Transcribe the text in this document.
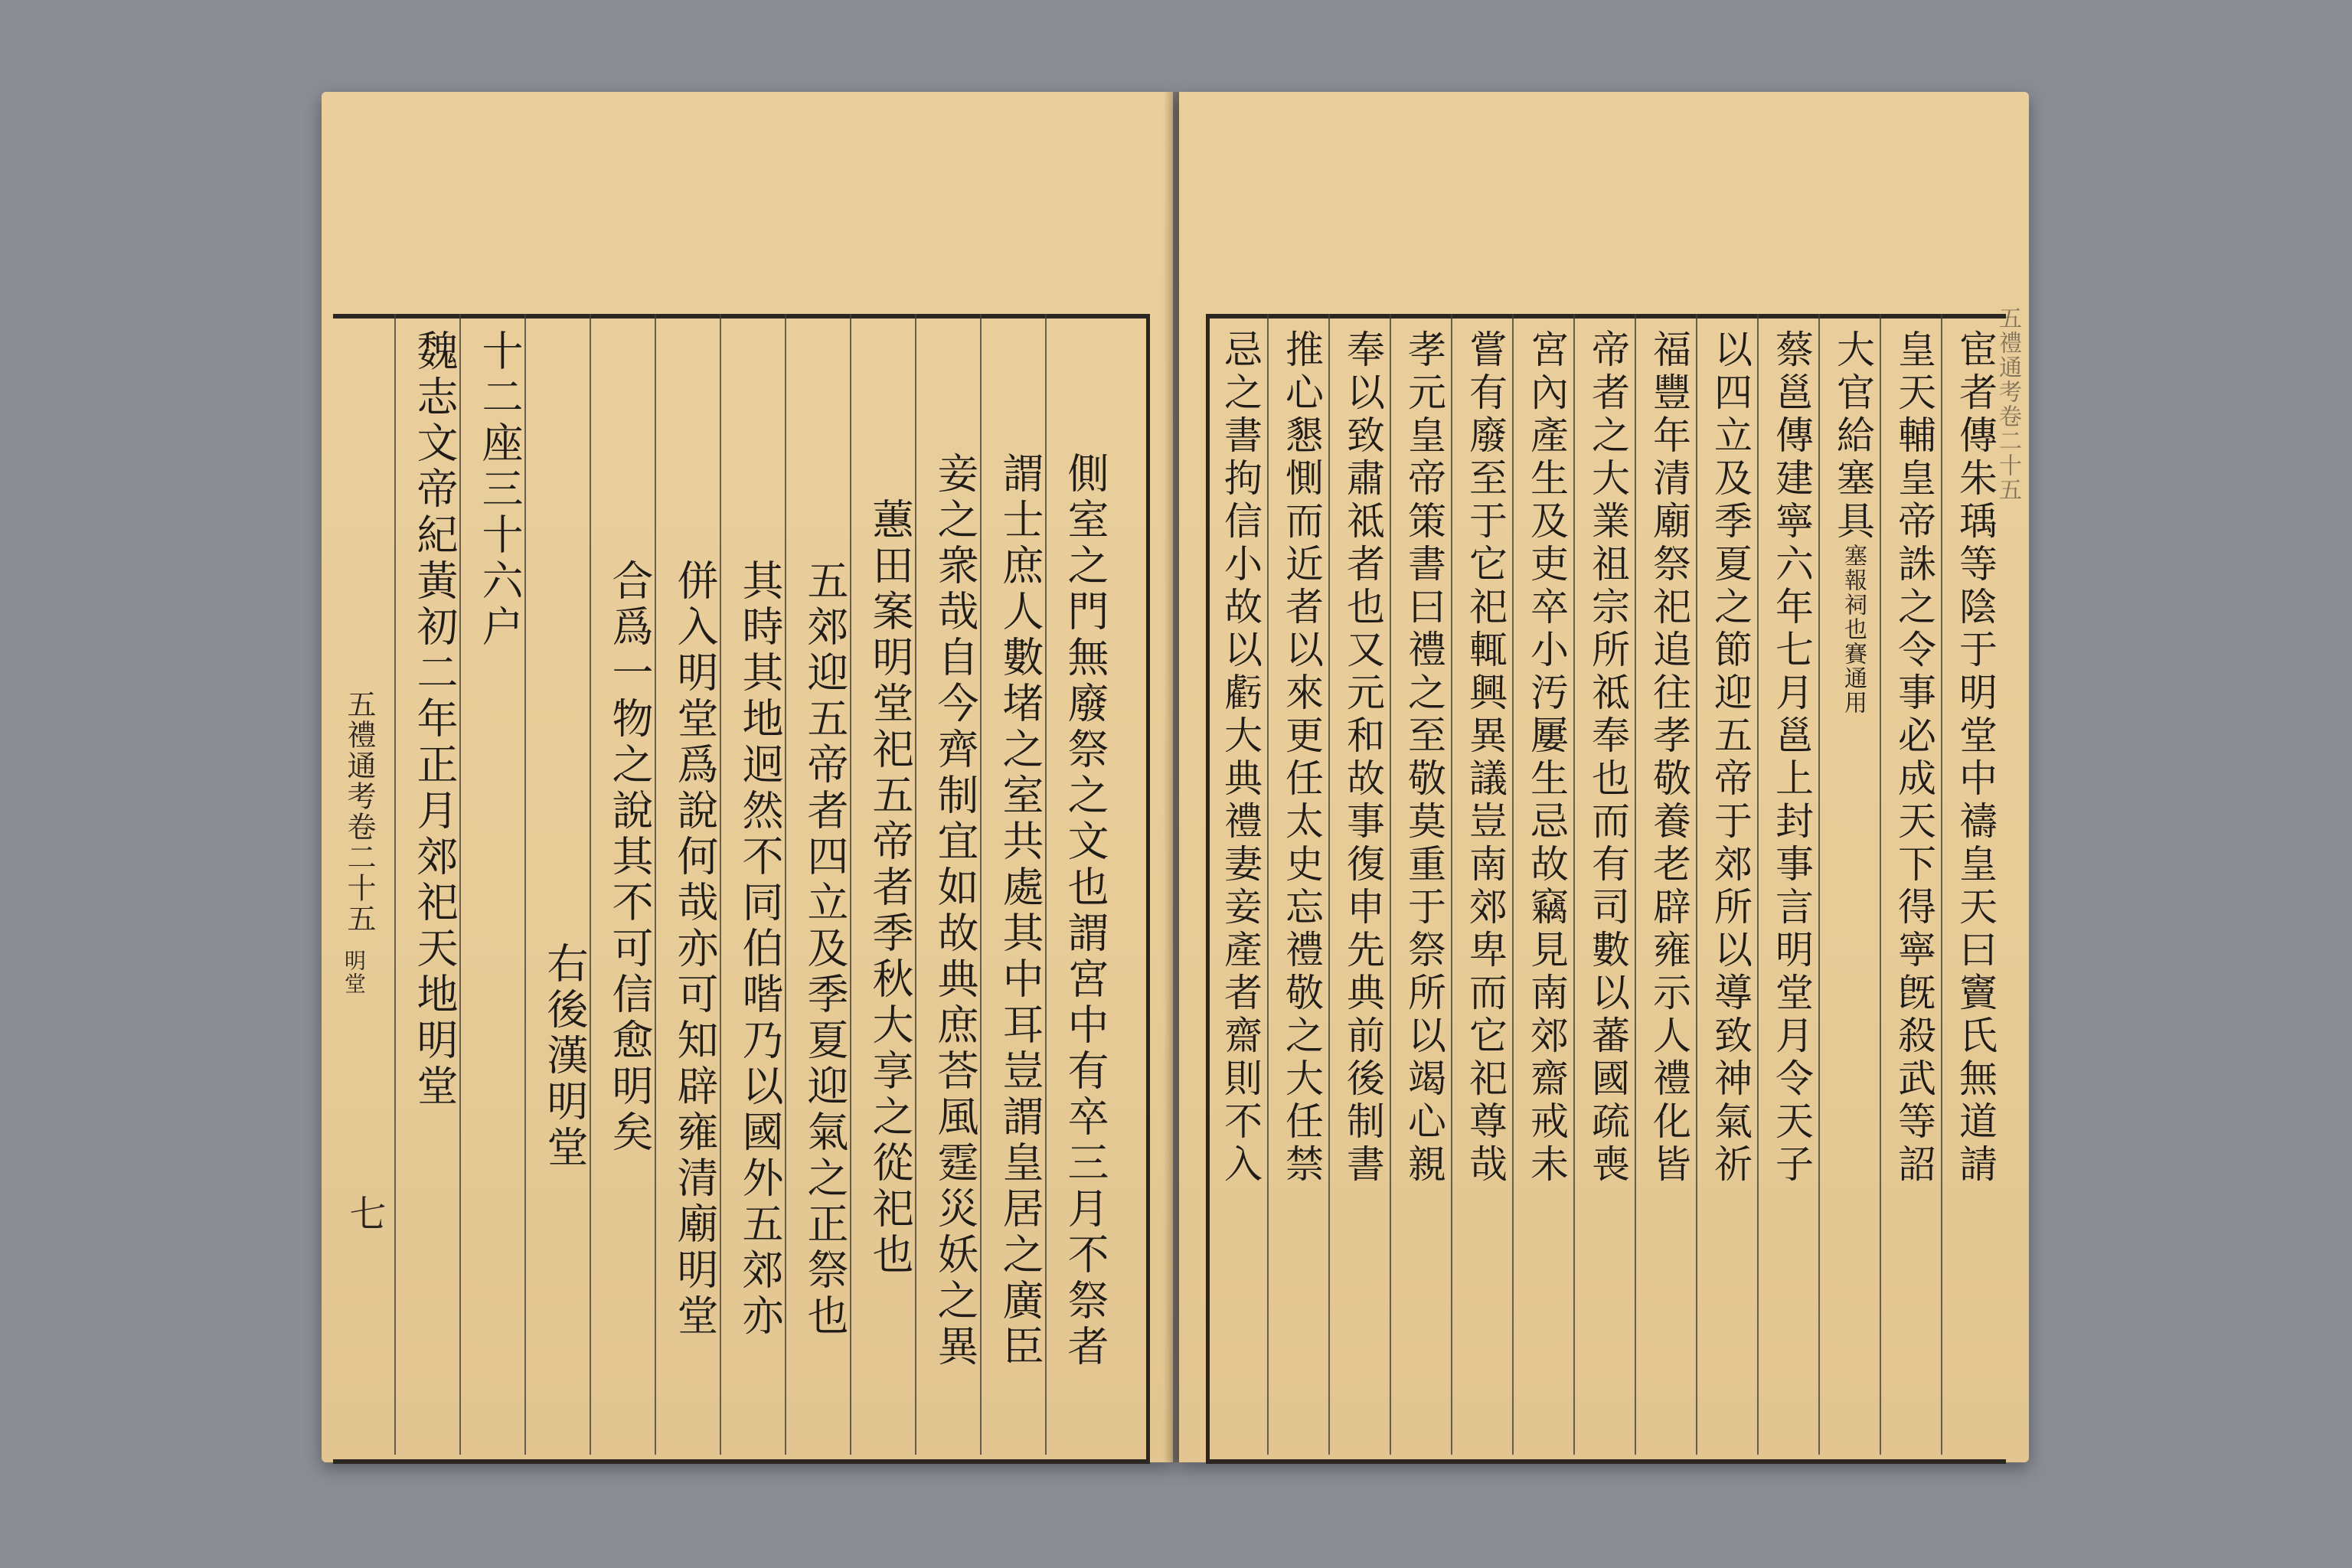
五禮通考卷二十五
明堂
七	側室之門無廢祭之文也謂宮中有卒三月不祭者
謂士庶人數堵之室共處其中耳豈謂皇居之廣臣
妾之衆哉自今齊制宜如故典庶荅風霆災妖之異
蕙田案明堂祀五帝者季秋大享之從祀也
五郊迎五帝者四立及季夏迎氣之正祭也
其時其地迥然不同伯喈乃以國外五郊亦
併入明堂爲說何哉亦可知辟雍清廟明堂
合爲一物之說其不可信愈明矣
右後漢明堂
十二座三十六户
魏志文帝紀黃初二年正月郊祀天地明堂	五禮通考卷二十五
宦者傳朱瑀等陰于明堂中禱皇天曰竇氏無道請
皇天輔皇帝誅之令事必成天下得寧旣殺武等詔
大官給塞具
塞報祠也賽通用
蔡邕傳建寧六年七月邕上封事言明堂月令天子
以四立及季夏之節迎五帝于郊所以導致神氣祈
福豐年清廟祭祀追往孝敬養老辟雍示人禮化皆
帝者之大業祖宗所祗奉也而有司數以蕃國疏喪
宮內產生及吏卒小汚屢生忌故竊見南郊齋戒未
嘗有廢至于它祀輒興異議豈南郊卑而它祀尊哉
孝元皇帝策書曰禮之至敬莫重于祭所以竭心親
奉以致肅祗者也又元和故事復申先典前後制書
推心懇惻而近者以來更任太史忘禮敬之大任禁
忌之書拘信小故以虧大典禮妻妾產者齋則不入
